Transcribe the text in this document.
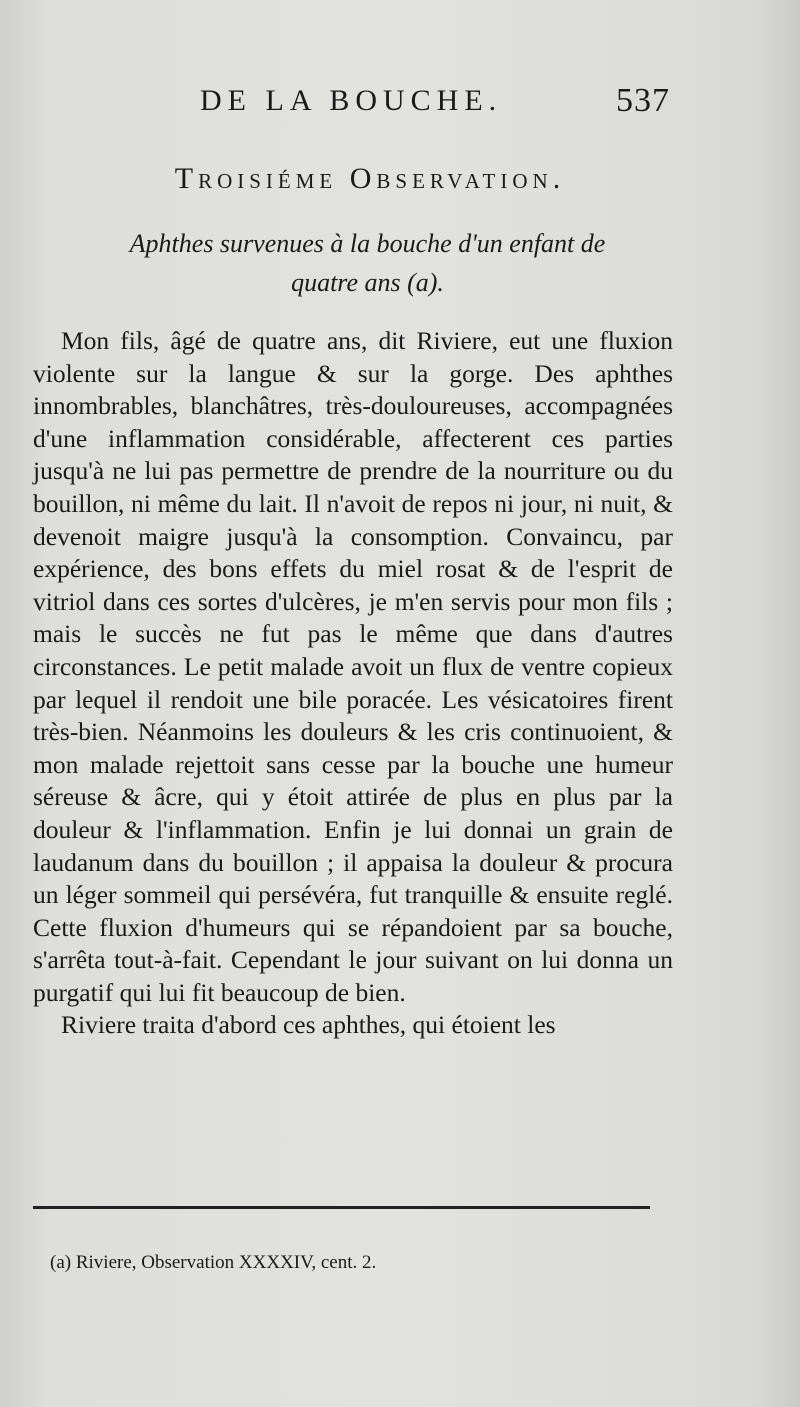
DE LA BOUCHE.	537
Troisiéme Observation.
Aphthes survenues à la bouche d'un enfant de
quatre ans (a).

Mon fils, âgé de quatre ans, dit Riviere, eut une fluxion violente sur la langue & sur la gorge. Des aphthes innombrables, blanchâtres, très-douloureuses, accompagnées d'une inflammation considérable, affecterent ces parties jusqu'à ne lui pas permettre de prendre de la nourriture ou du bouillon, ni même du lait. Il n'avoit de repos ni jour, ni nuit, & devenoit maigre jusqu'à la consomption. Convaincu, par expérience, des bons effets du miel rosat & de l'esprit de vitriol dans ces sortes d'ulcères, je m'en servis pour mon fils ; mais le succès ne fut pas le même que dans d'autres circonstances. Le petit malade avoit un flux de ventre copieux par lequel il rendoit une bile poracée. Les vésicatoires firent très-bien. Néanmoins les douleurs & les cris continuoient, & mon malade rejettoit sans cesse par la bouche une humeur séreuse & âcre, qui y étoit attirée de plus en plus par la douleur & l'inflammation. Enfin je lui donnai un grain de laudanum dans du bouillon ; il appaisa la douleur & procura un léger sommeil qui persévéra, fut tranquille & ensuite reglé. Cette fluxion d'humeurs qui se répandoient par sa bouche, s'arrêta tout-à-fait. Cependant le jour suivant on lui donna un purgatif qui lui fit beaucoup de bien.

Riviere traita d'abord ces aphthes, qui étoient les

(a) Riviere, Observation XXXXIV, cent. 2.
